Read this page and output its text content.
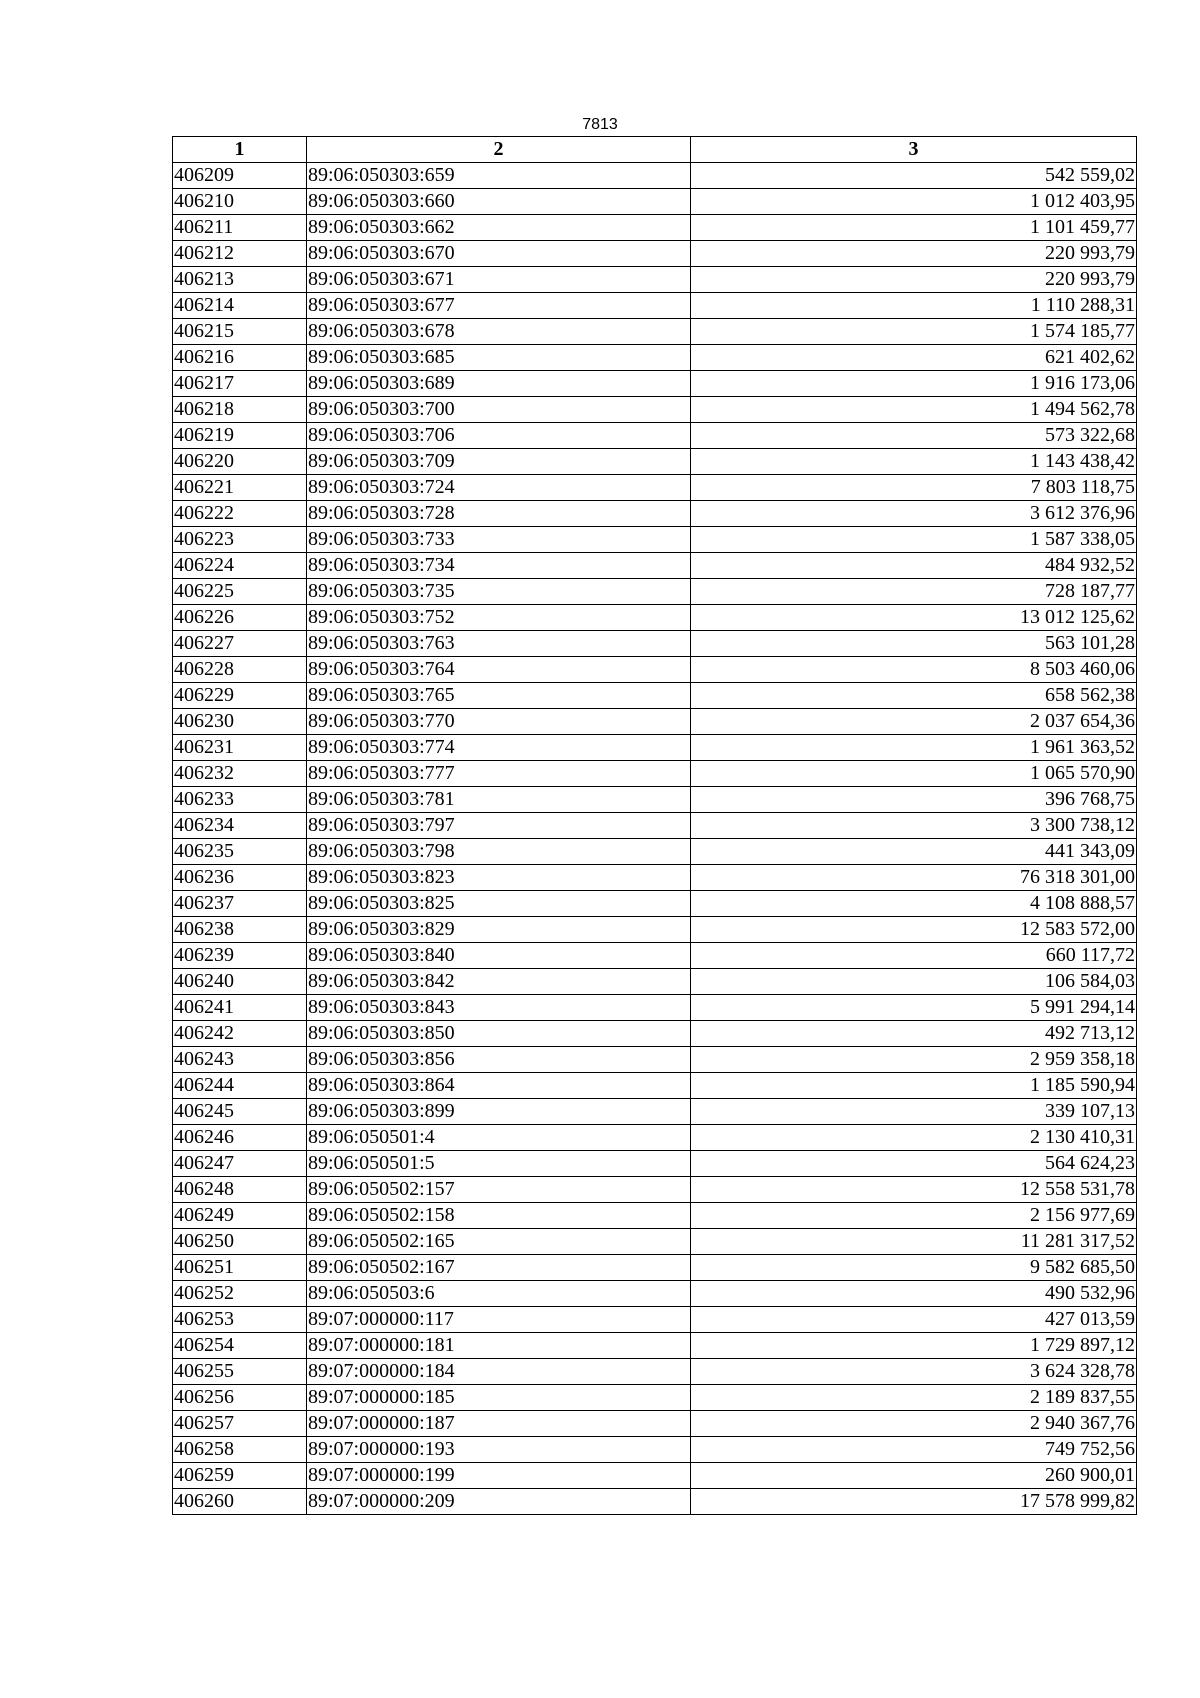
7813
1	2	3
406209	89:06:050303:659	542 559,02
406210	89:06:050303:660	1 012 403,95
406211	89:06:050303:662	1 101 459,77
406212	89:06:050303:670	220 993,79
406213	89:06:050303:671	220 993,79
406214	89:06:050303:677	1 110 288,31
406215	89:06:050303:678	1 574 185,77
406216	89:06:050303:685	621 402,62
406217	89:06:050303:689	1 916 173,06
406218	89:06:050303:700	1 494 562,78
406219	89:06:050303:706	573 322,68
406220	89:06:050303:709	1 143 438,42
406221	89:06:050303:724	7 803 118,75
406222	89:06:050303:728	3 612 376,96
406223	89:06:050303:733	1 587 338,05
406224	89:06:050303:734	484 932,52
406225	89:06:050303:735	728 187,77
406226	89:06:050303:752	13 012 125,62
406227	89:06:050303:763	563 101,28
406228	89:06:050303:764	8 503 460,06
406229	89:06:050303:765	658 562,38
406230	89:06:050303:770	2 037 654,36
406231	89:06:050303:774	1 961 363,52
406232	89:06:050303:777	1 065 570,90
406233	89:06:050303:781	396 768,75
406234	89:06:050303:797	3 300 738,12
406235	89:06:050303:798	441 343,09
406236	89:06:050303:823	76 318 301,00
406237	89:06:050303:825	4 108 888,57
406238	89:06:050303:829	12 583 572,00
406239	89:06:050303:840	660 117,72
406240	89:06:050303:842	106 584,03
406241	89:06:050303:843	5 991 294,14
406242	89:06:050303:850	492 713,12
406243	89:06:050303:856	2 959 358,18
406244	89:06:050303:864	1 185 590,94
406245	89:06:050303:899	339 107,13
406246	89:06:050501:4	2 130 410,31
406247	89:06:050501:5	564 624,23
406248	89:06:050502:157	12 558 531,78
406249	89:06:050502:158	2 156 977,69
406250	89:06:050502:165	11 281 317,52
406251	89:06:050502:167	9 582 685,50
406252	89:06:050503:6	490 532,96
406253	89:07:000000:117	427 013,59
406254	89:07:000000:181	1 729 897,12
406255	89:07:000000:184	3 624 328,78
406256	89:07:000000:185	2 189 837,55
406257	89:07:000000:187	2 940 367,76
406258	89:07:000000:193	749 752,56
406259	89:07:000000:199	260 900,01
406260	89:07:000000:209	17 578 999,82
